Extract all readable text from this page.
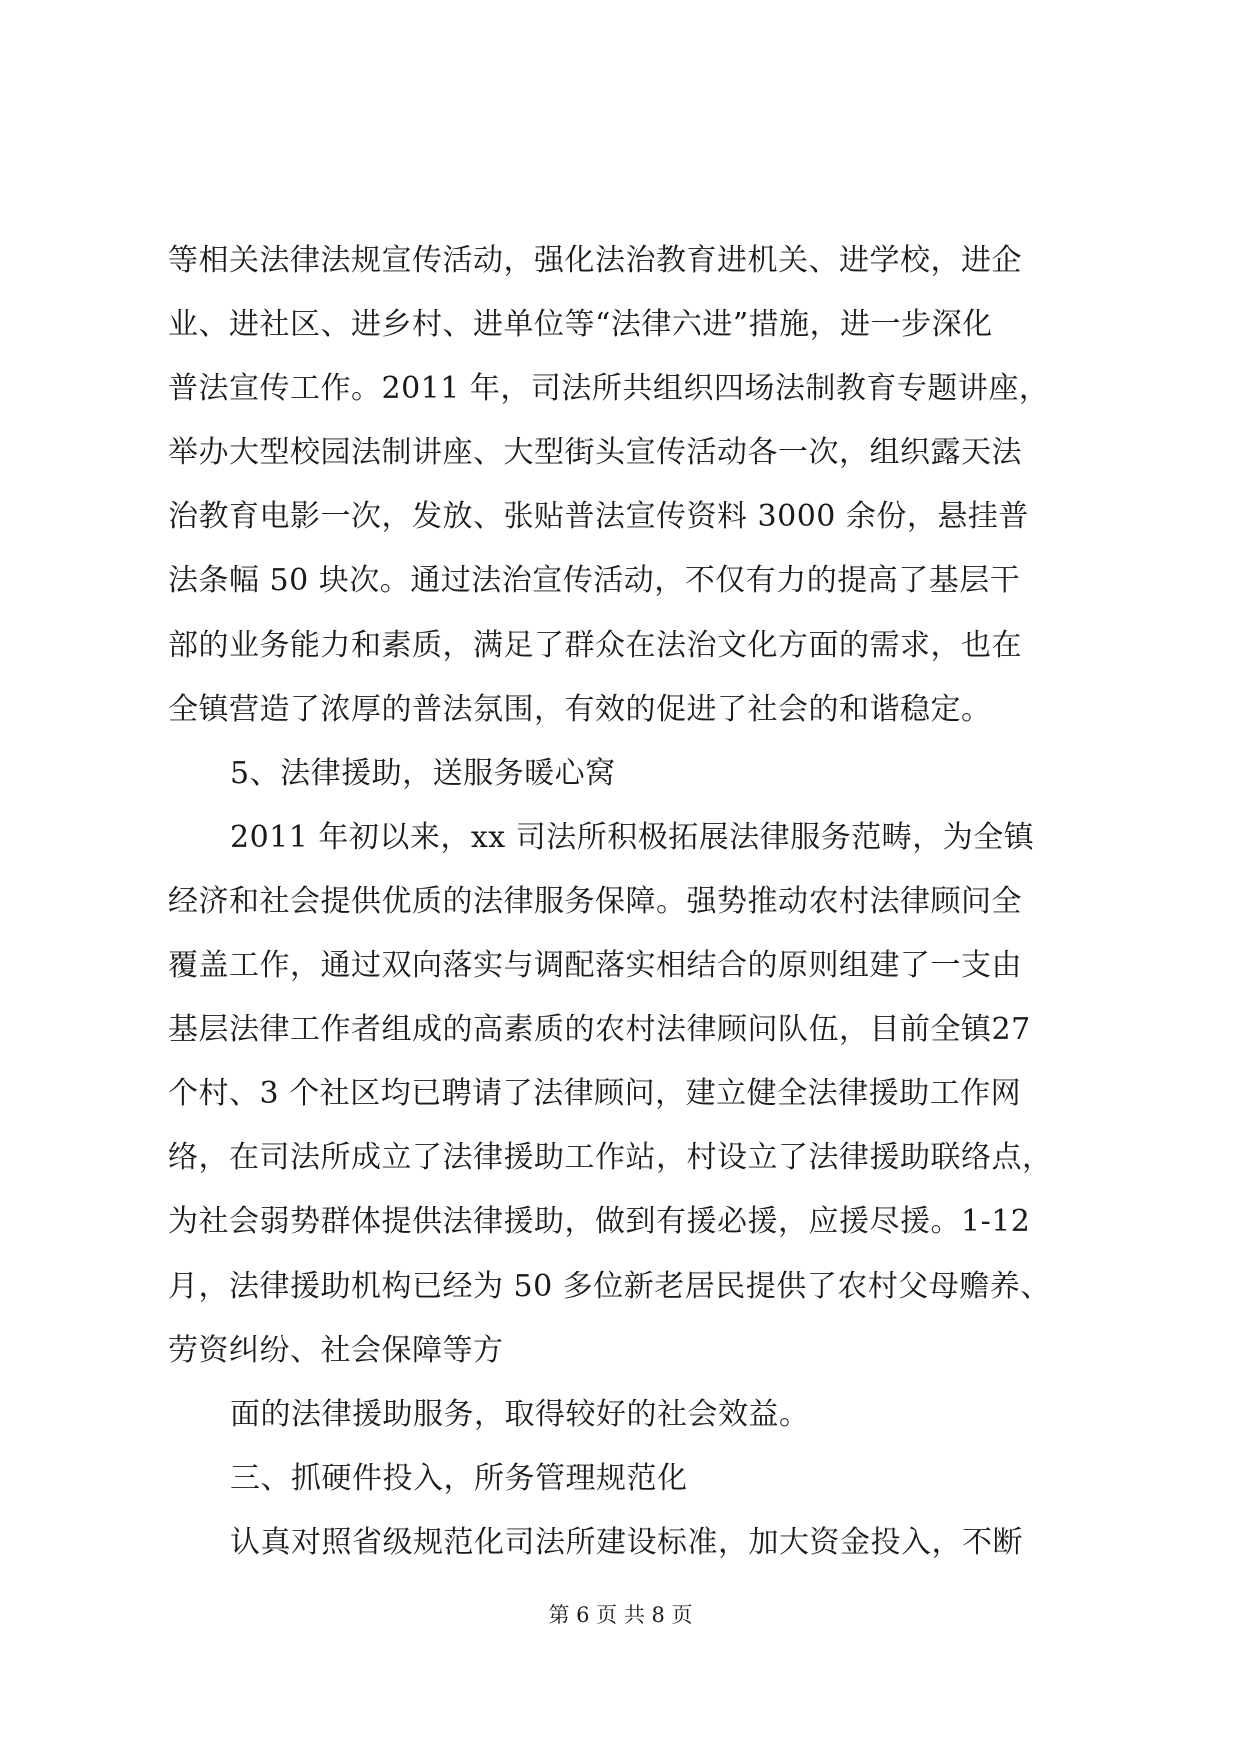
等相关法律法规宣传活动，强化法治教育进机关、进学校，进企
业、进社区、进乡村、进单位等“法律六进”措施，进一步深化
普法宣传工作。2011 年，司法所共组织四场法制教育专题讲座，
举办大型校园法制讲座、大型街头宣传活动各一次，组织露天法
治教育电影一次，发放、张贴普法宣传资料 3000 余份，悬挂普
法条幅 50 块次。通过法治宣传活动，不仅有力的提高了基层干
部的业务能力和素质，满足了群众在法治文化方面的需求，也在
全镇营造了浓厚的普法氛围，有效的促进了社会的和谐稳定。
5、法律援助，送服务暖心窝
2011 年初以来，xx 司法所积极拓展法律服务范畴，为全镇
经济和社会提供优质的法律服务保障。强势推动农村法律顾问全
覆盖工作，通过双向落实与调配落实相结合的原则组建了一支由
基层法律工作者组成的高素质的农村法律顾问队伍，目前全镇27
个村、3 个社区均已聘请了法律顾问，建立健全法律援助工作网
络，在司法所成立了法律援助工作站，村设立了法律援助联络点，
为社会弱势群体提供法律援助，做到有援必援，应援尽援。1-12
月，法律援助机构已经为 50 多位新老居民提供了农村父母赡养、
劳资纠纷、社会保障等方
面的法律援助服务，取得较好的社会效益。
三、抓硬件投入，所务管理规范化
认真对照省级规范化司法所建设标准，加大资金投入，不断
第 6 页 共 8 页
